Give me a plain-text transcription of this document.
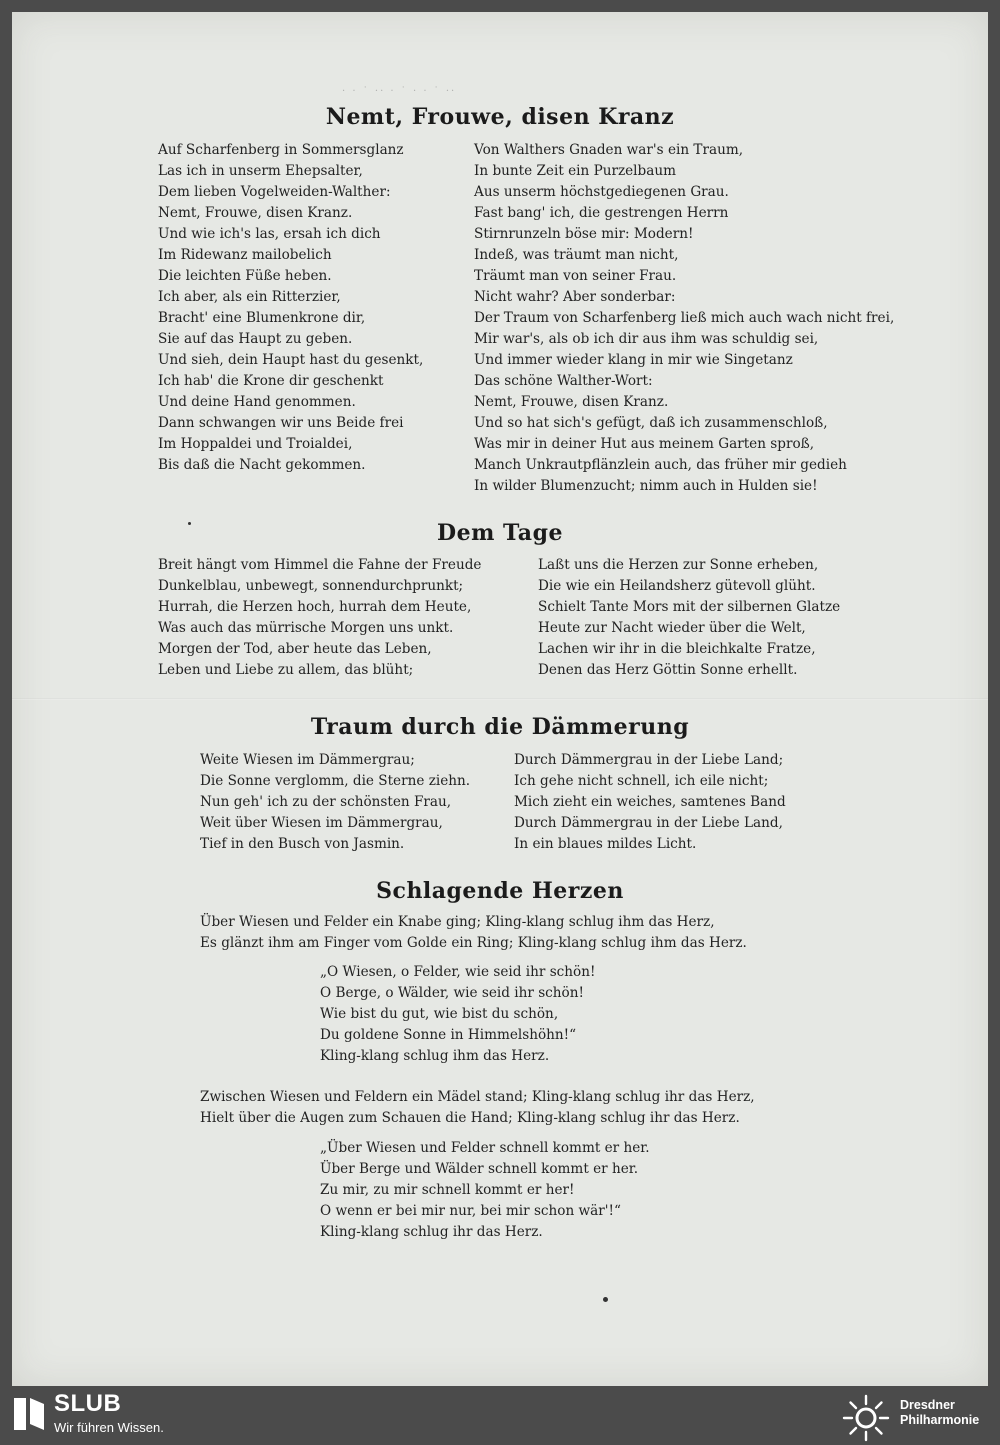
· ‧ ˙ ·· ‧ ˙ · ‧ ˙ ··
Nemt, Frouwe, disen Kranz
Auf Scharfenberg in Sommersglanz
Las ich in unserm Ehepsalter,
Dem lieben Vogelweiden-Walther:
Nemt, Frouwe, disen Kranz.
Und wie ich's las, ersah ich dich
Im Ridewanz mailobelich
Die leichten Füße heben.
Ich aber, als ein Ritterzier,
Bracht' eine Blumenkrone dir,
Sie auf das Haupt zu geben.
Und sieh, dein Haupt hast du gesenkt,
Ich hab' die Krone dir geschenkt
Und deine Hand genommen.
Dann schwangen wir uns Beide frei
Im Hoppaldei und Troialdei,
Bis daß die Nacht gekommen.
Von Walthers Gnaden war's ein Traum,
In bunte Zeit ein Purzelbaum
Aus unserm höchstgediegenen Grau.
Fast bang' ich, die gestrengen Herrn
Stirnrunzeln böse mir: Modern!
Indeß, was träumt man nicht,
Träumt man von seiner Frau.
Nicht wahr? Aber sonderbar:
Der Traum von Scharfenberg ließ mich auch wach nicht frei,
Mir war's, als ob ich dir aus ihm was schuldig sei,
Und immer wieder klang in mir wie Singetanz
Das schöne Walther-Wort:
Nemt, Frouwe, disen Kranz.
Und so hat sich's gefügt, daß ich zusammenschloß,
Was mir in deiner Hut aus meinem Garten sproß,
Manch Unkrautpflänzlein auch, das früher mir gedieh
In wilder Blumenzucht; nimm auch in Hulden sie!
Dem Tage
Breit hängt vom Himmel die Fahne der Freude
Dunkelblau, unbewegt, sonnendurchprunkt;
Hurrah, die Herzen hoch, hurrah dem Heute,
Was auch das mürrische Morgen uns unkt.
Morgen der Tod, aber heute das Leben,
Leben und Liebe zu allem, das blüht;
Laßt uns die Herzen zur Sonne erheben,
Die wie ein Heilandsherz gütevoll glüht.
Schielt Tante Mors mit der silbernen Glatze
Heute zur Nacht wieder über die Welt,
Lachen wir ihr in die bleichkalte Fratze,
Denen das Herz Göttin Sonne erhellt.
Traum durch die Dämmerung
Weite Wiesen im Dämmergrau;
Die Sonne verglomm, die Sterne ziehn.
Nun geh' ich zu der schönsten Frau,
Weit über Wiesen im Dämmergrau,
Tief in den Busch von Jasmin.
Durch Dämmergrau in der Liebe Land;
Ich gehe nicht schnell, ich eile nicht;
Mich zieht ein weiches, samtenes Band
Durch Dämmergrau in der Liebe Land,
In ein blaues mildes Licht.
Schlagende Herzen
Über Wiesen und Felder ein Knabe ging; Kling-klang schlug ihm das Herz,
Es glänzt ihm am Finger vom Golde ein Ring; Kling-klang schlug ihm das Herz.
„O Wiesen, o Felder, wie seid ihr schön!
O Berge, o Wälder, wie seid ihr schön!
Wie bist du gut, wie bist du schön,
Du goldene Sonne in Himmelshöhn!“
Kling-klang schlug ihm das Herz.
Zwischen Wiesen und Feldern ein Mädel stand; Kling-klang schlug ihr das Herz,
Hielt über die Augen zum Schauen die Hand; Kling-klang schlug ihr das Herz.
„Über Wiesen und Felder schnell kommt er her.
Über Berge und Wälder schnell kommt er her.
Zu mir, zu mir schnell kommt er her!
O wenn er bei mir nur, bei mir schon wär'!“
Kling-klang schlug ihr das Herz.
SLUB
Wir führen Wissen.
Dresdner
Philharmonie
